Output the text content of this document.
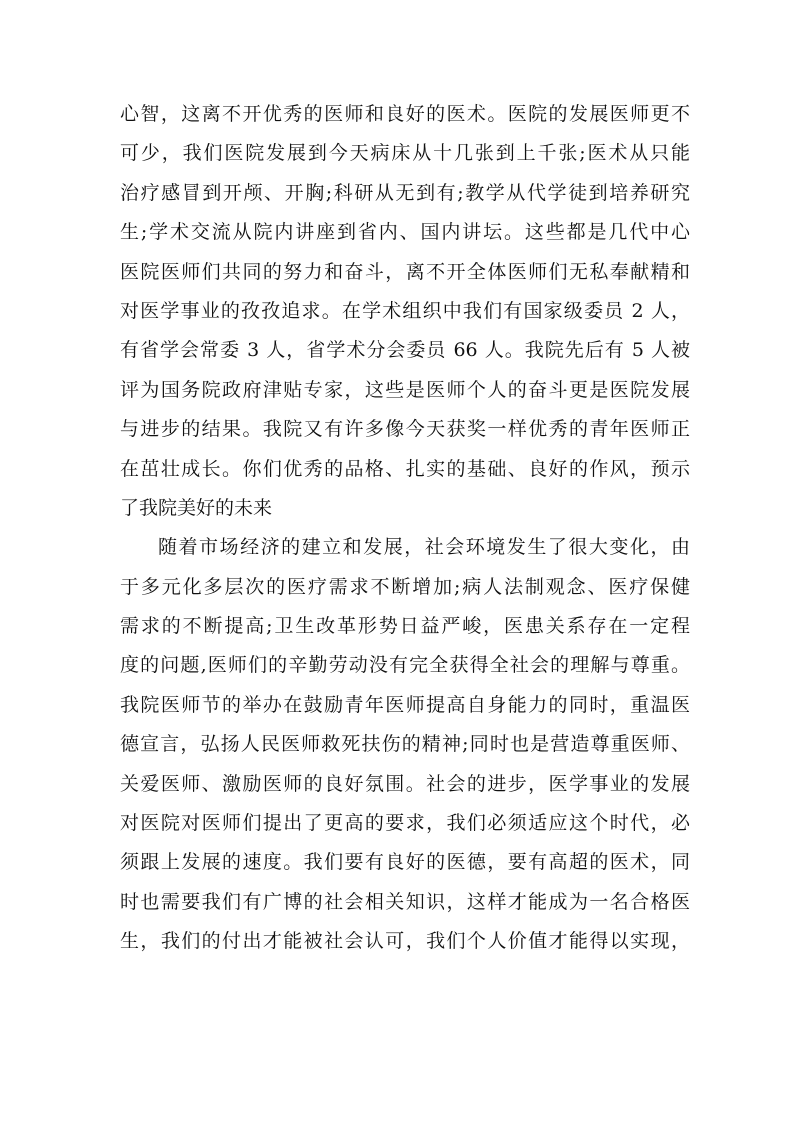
心智，这离不开优秀的医师和良好的医术。医院的发展医师更不
可少，我们医院发展到今天病床从十几张到上千张;医术从只能
治疗感冒到开颅、开胸;科研从无到有;教学从代学徒到培养研究
生;学术交流从院内讲座到省内、国内讲坛。这些都是几代中心
医院医师们共同的努力和奋斗，离不开全体医师们无私奉献精和
对医学事业的孜孜追求。在学术组织中我们有国家级委员 2 人，
有省学会常委 3 人，省学术分会委员 66 人。我院先后有 5 人被
评为国务院政府津贴专家，这些是医师个人的奋斗更是医院发展
与进步的结果。我院又有许多像今天获奖一样优秀的青年医师正
在茁壮成长。你们优秀的品格、扎实的基础、良好的作风，预示
了我院美好的未来
随着市场经济的建立和发展，社会环境发生了很大变化，由
于多元化多层次的医疗需求不断增加;病人法制观念、医疗保健
需求的不断提高;卫生改革形势日益严峻，医患关系存在一定程
度的问题,医师们的辛勤劳动没有完全获得全社会的理解与尊重。
我院医师节的举办在鼓励青年医师提高自身能力的同时，重温医
德宣言，弘扬人民医师救死扶伤的精神;同时也是营造尊重医师、
关爱医师、激励医师的良好氛围。社会的进步，医学事业的发展
对医院对医师们提出了更高的要求，我们必须适应这个时代，必
须跟上发展的速度。我们要有良好的医德，要有高超的医术，同
时也需要我们有广博的社会相关知识，这样才能成为一名合格医
生，我们的付出才能被社会认可，我们个人价值才能得以实现，
